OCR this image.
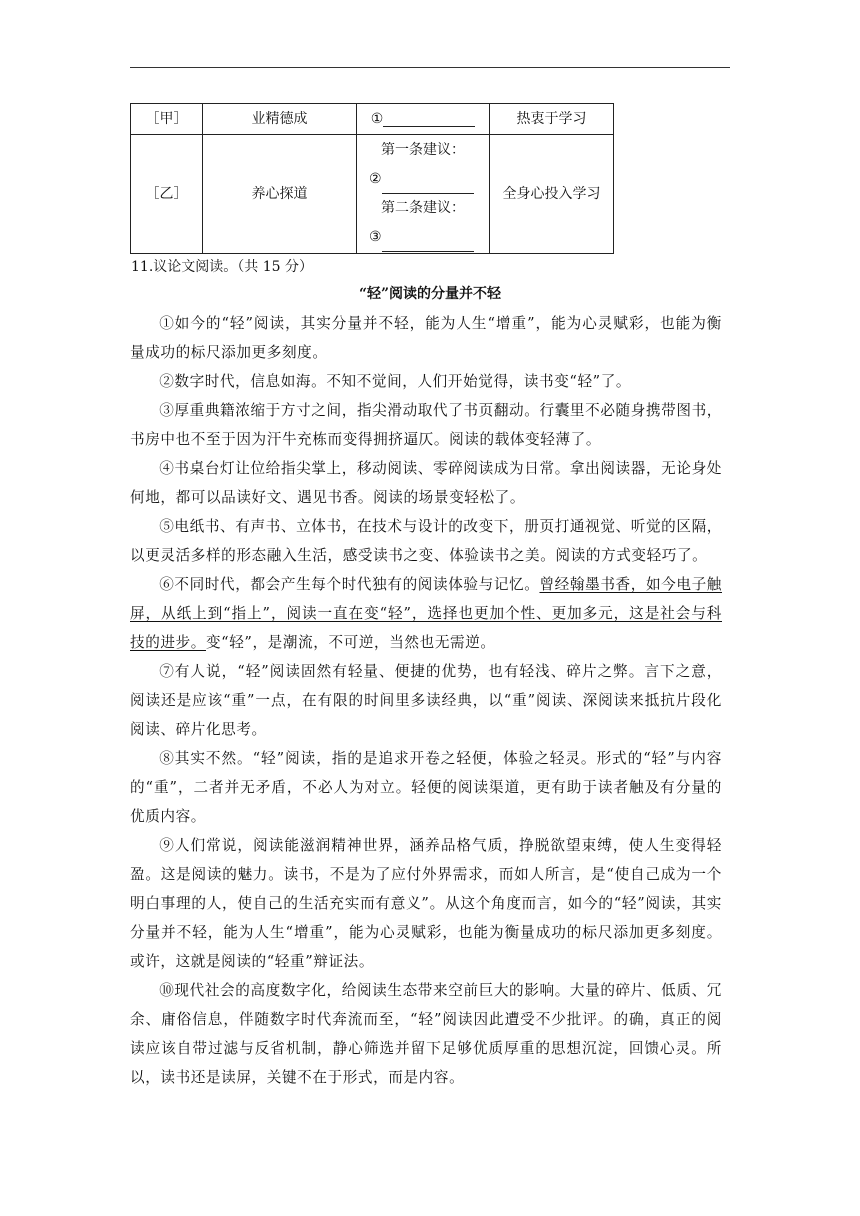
［甲］	业精德成	①	热衷于学习
［乙］	养心探道	第一条建议：
②
第二条建议：
③	全身心投入学习
11.议论文阅读。（共 15 分）
“轻”阅读的分量并不轻

①如今的“轻”阅读，其实分量并不轻，能为人生“增重”，能为心灵赋彩，也能为衡量成功的标尺添加更多刻度。

②数字时代，信息如海。不知不觉间，人们开始觉得，读书变“轻”了。

③厚重典籍浓缩于方寸之间，指尖滑动取代了书页翻动。行囊里不必随身携带图书，书房中也不至于因为汗牛充栋而变得拥挤逼仄。阅读的载体变轻薄了。

④书桌台灯让位给指尖掌上，移动阅读、零碎阅读成为日常。拿出阅读器，无论身处何地，都可以品读好文、遇见书香。阅读的场景变轻松了。

⑤电纸书、有声书、立体书，在技术与设计的改变下，册页打通视觉、听觉的区隔，以更灵活多样的形态融入生活，感受读书之变、体验读书之美。阅读的方式变轻巧了。

⑥不同时代，都会产生每个时代独有的阅读体验与记忆。曾经翰墨书香，如今电子触屏，从纸上到“指上”，阅读一直在变“轻”，选择也更加个性、更加多元，这是社会与科技的进步。变“轻”，是潮流，不可逆，当然也无需逆。

⑦有人说，“轻”阅读固然有轻量、便捷的优势，也有轻浅、碎片之弊。言下之意，阅读还是应该“重”一点，在有限的时间里多读经典，以“重”阅读、深阅读来抵抗片段化阅读、碎片化思考。

⑧其实不然。“轻”阅读，指的是追求开卷之轻便，体验之轻灵。形式的“轻”与内容的“重”，二者并无矛盾，不必人为对立。轻便的阅读渠道，更有助于读者触及有分量的优质内容。

⑨人们常说，阅读能滋润精神世界，涵养品格气质，挣脱欲望束缚，使人生变得轻盈。这是阅读的魅力。读书，不是为了应付外界需求，而如人所言，是“使自己成为一个明白事理的人，使自己的生活充实而有意义”。从这个角度而言，如今的“轻”阅读，其实分量并不轻，能为人生“增重”，能为心灵赋彩，也能为衡量成功的标尺添加更多刻度。或许，这就是阅读的“轻重”辩证法。

⑩现代社会的高度数字化，给阅读生态带来空前巨大的影响。大量的碎片、低质、冗余、庸俗信息，伴随数字时代奔流而至，“轻”阅读因此遭受不少批评。的确，真正的阅读应该自带过滤与反省机制，静心筛选并留下足够优质厚重的思想沉淀，回馈心灵。所以，读书还是读屏，关键不在于形式，而是内容。
